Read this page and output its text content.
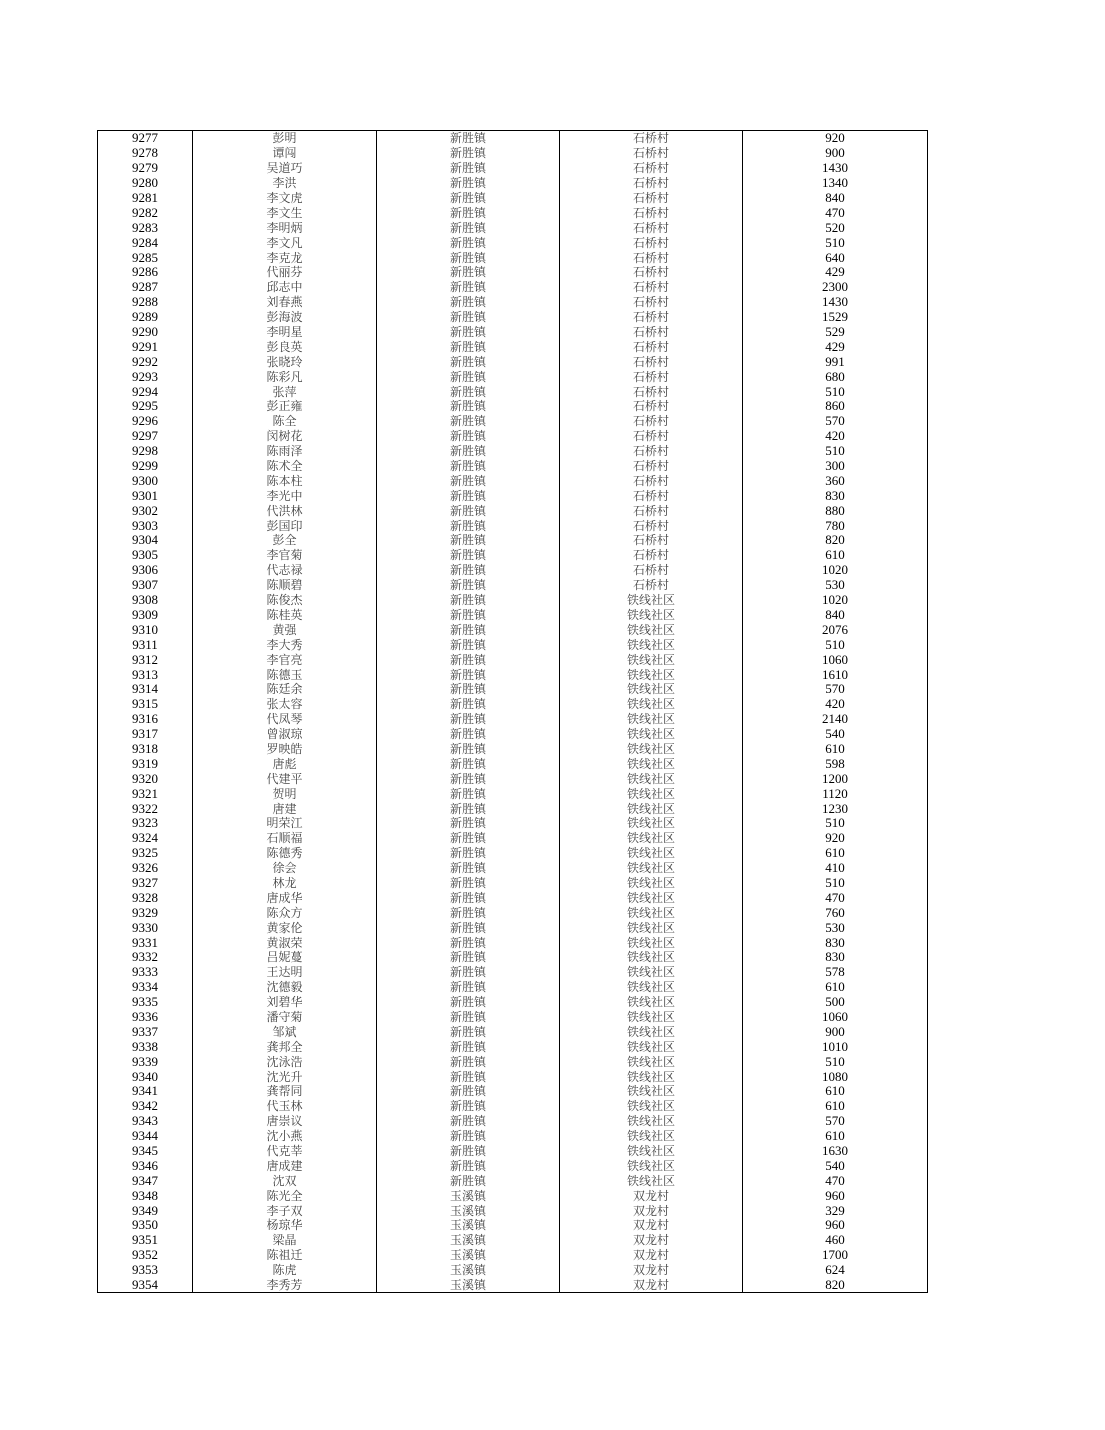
9277	彭明	新胜镇	石桥村	920
9278	谭闯	新胜镇	石桥村	900
9279	吴道巧	新胜镇	石桥村	1430
9280	李洪	新胜镇	石桥村	1340
9281	李文虎	新胜镇	石桥村	840
9282	李文生	新胜镇	石桥村	470
9283	李明炳	新胜镇	石桥村	520
9284	李文凡	新胜镇	石桥村	510
9285	李克龙	新胜镇	石桥村	640
9286	代丽芬	新胜镇	石桥村	429
9287	邱志中	新胜镇	石桥村	2300
9288	刘春燕	新胜镇	石桥村	1430
9289	彭海波	新胜镇	石桥村	1529
9290	李明星	新胜镇	石桥村	529
9291	彭良英	新胜镇	石桥村	429
9292	张晓玲	新胜镇	石桥村	991
9293	陈彩凡	新胜镇	石桥村	680
9294	张萍	新胜镇	石桥村	510
9295	彭正雍	新胜镇	石桥村	860
9296	陈全	新胜镇	石桥村	570
9297	闵树花	新胜镇	石桥村	420
9298	陈雨泽	新胜镇	石桥村	510
9299	陈术全	新胜镇	石桥村	300
9300	陈本柱	新胜镇	石桥村	360
9301	李光中	新胜镇	石桥村	830
9302	代洪林	新胜镇	石桥村	880
9303	彭国印	新胜镇	石桥村	780
9304	彭全	新胜镇	石桥村	820
9305	李官菊	新胜镇	石桥村	610
9306	代志禄	新胜镇	石桥村	1020
9307	陈顺碧	新胜镇	石桥村	530
9308	陈俊杰	新胜镇	铁线社区	1020
9309	陈桂英	新胜镇	铁线社区	840
9310	黄强	新胜镇	铁线社区	2076
9311	李大秀	新胜镇	铁线社区	510
9312	李官亮	新胜镇	铁线社区	1060
9313	陈德玉	新胜镇	铁线社区	1610
9314	陈廷余	新胜镇	铁线社区	570
9315	张太容	新胜镇	铁线社区	420
9316	代凤琴	新胜镇	铁线社区	2140
9317	曾淑琼	新胜镇	铁线社区	540
9318	罗映皓	新胜镇	铁线社区	610
9319	唐彪	新胜镇	铁线社区	598
9320	代建平	新胜镇	铁线社区	1200
9321	贺明	新胜镇	铁线社区	1120
9322	唐建	新胜镇	铁线社区	1230
9323	明荣江	新胜镇	铁线社区	510
9324	石顺福	新胜镇	铁线社区	920
9325	陈德秀	新胜镇	铁线社区	610
9326	徐会	新胜镇	铁线社区	410
9327	林龙	新胜镇	铁线社区	510
9328	唐成华	新胜镇	铁线社区	470
9329	陈众方	新胜镇	铁线社区	760
9330	黄家伦	新胜镇	铁线社区	530
9331	黄淑荣	新胜镇	铁线社区	830
9332	吕妮蔓	新胜镇	铁线社区	830
9333	王达明	新胜镇	铁线社区	578
9334	沈德毅	新胜镇	铁线社区	610
9335	刘碧华	新胜镇	铁线社区	500
9336	潘守菊	新胜镇	铁线社区	1060
9337	邹斌	新胜镇	铁线社区	900
9338	龚邦全	新胜镇	铁线社区	1010
9339	沈泳浩	新胜镇	铁线社区	510
9340	沈光升	新胜镇	铁线社区	1080
9341	龚帮同	新胜镇	铁线社区	610
9342	代玉林	新胜镇	铁线社区	610
9343	唐崇议	新胜镇	铁线社区	570
9344	沈小燕	新胜镇	铁线社区	610
9345	代克莘	新胜镇	铁线社区	1630
9346	唐成建	新胜镇	铁线社区	540
9347	沈双	新胜镇	铁线社区	470
9348	陈光全	玉溪镇	双龙村	960
9349	李子双	玉溪镇	双龙村	329
9350	杨琼华	玉溪镇	双龙村	960
9351	梁晶	玉溪镇	双龙村	460
9352	陈祖迁	玉溪镇	双龙村	1700
9353	陈虎	玉溪镇	双龙村	624
9354	李秀芳	玉溪镇	双龙村	820
